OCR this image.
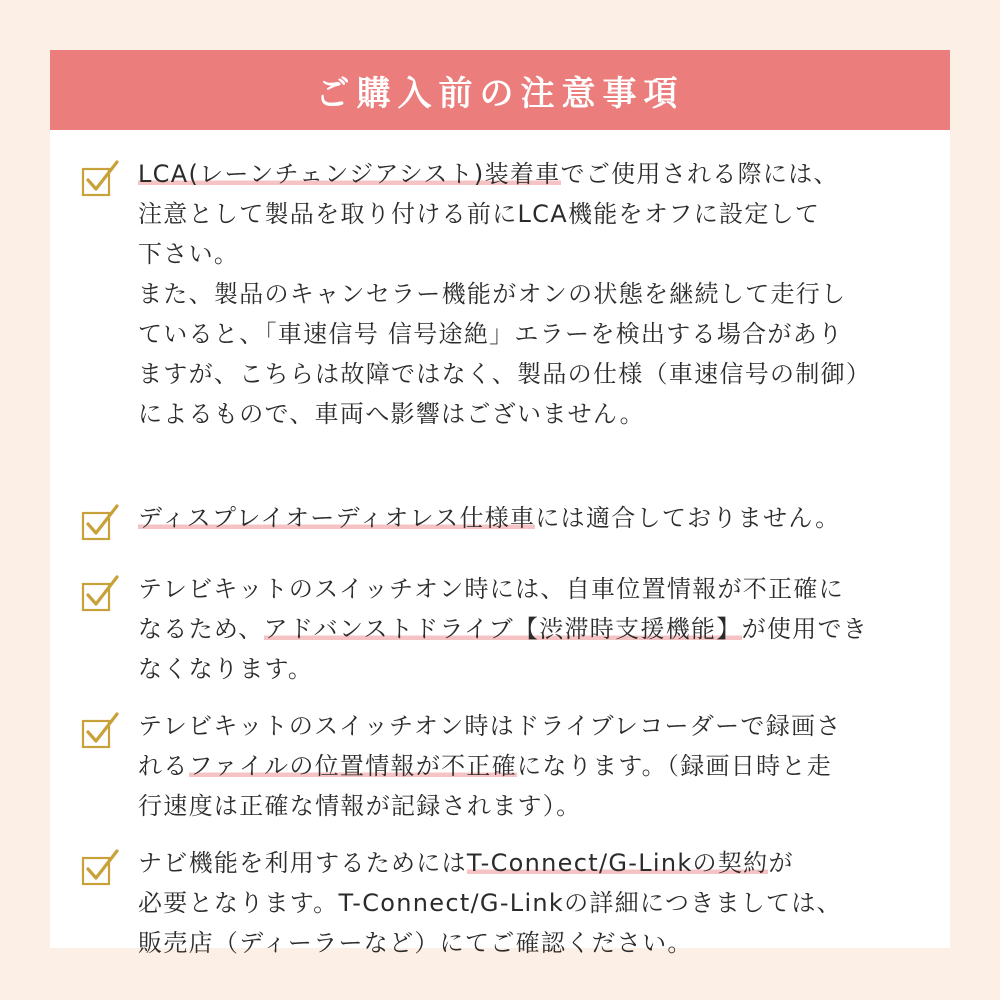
ご購入前の注意事項
LCA(レーンチェンジアシスト)装着車でご使用される際には、
注意として製品を取り付ける前にLCA機能をオフに設定して
下さい。
また、製品のキャンセラー機能がオンの状態を継続して走行し
ていると、「車速信号 信号途絶」エラーを検出する場合があり
ますが、こちらは故障ではなく、製品の仕様（車速信号の制御）
によるもので、車両へ影響はございません。
ディスプレイオーディオレス仕様車には適合しておりません。
テレビキットのスイッチオン時には、自車位置情報が不正確に
なるため、アドバンストドライブ【渋滞時支援機能】が使用でき
なくなります。
テレビキットのスイッチオン時はドライブレコーダーで録画さ
れるファイルの位置情報が不正確になります。（録画日時と走
行速度は正確な情報が記録されます）。
ナビ機能を利用するためにはT-Connect/G-Linkの契約が
必要となります。T-Connect/G-Linkの詳細につきましては、
販売店（ディーラーなど）にてご確認ください。
